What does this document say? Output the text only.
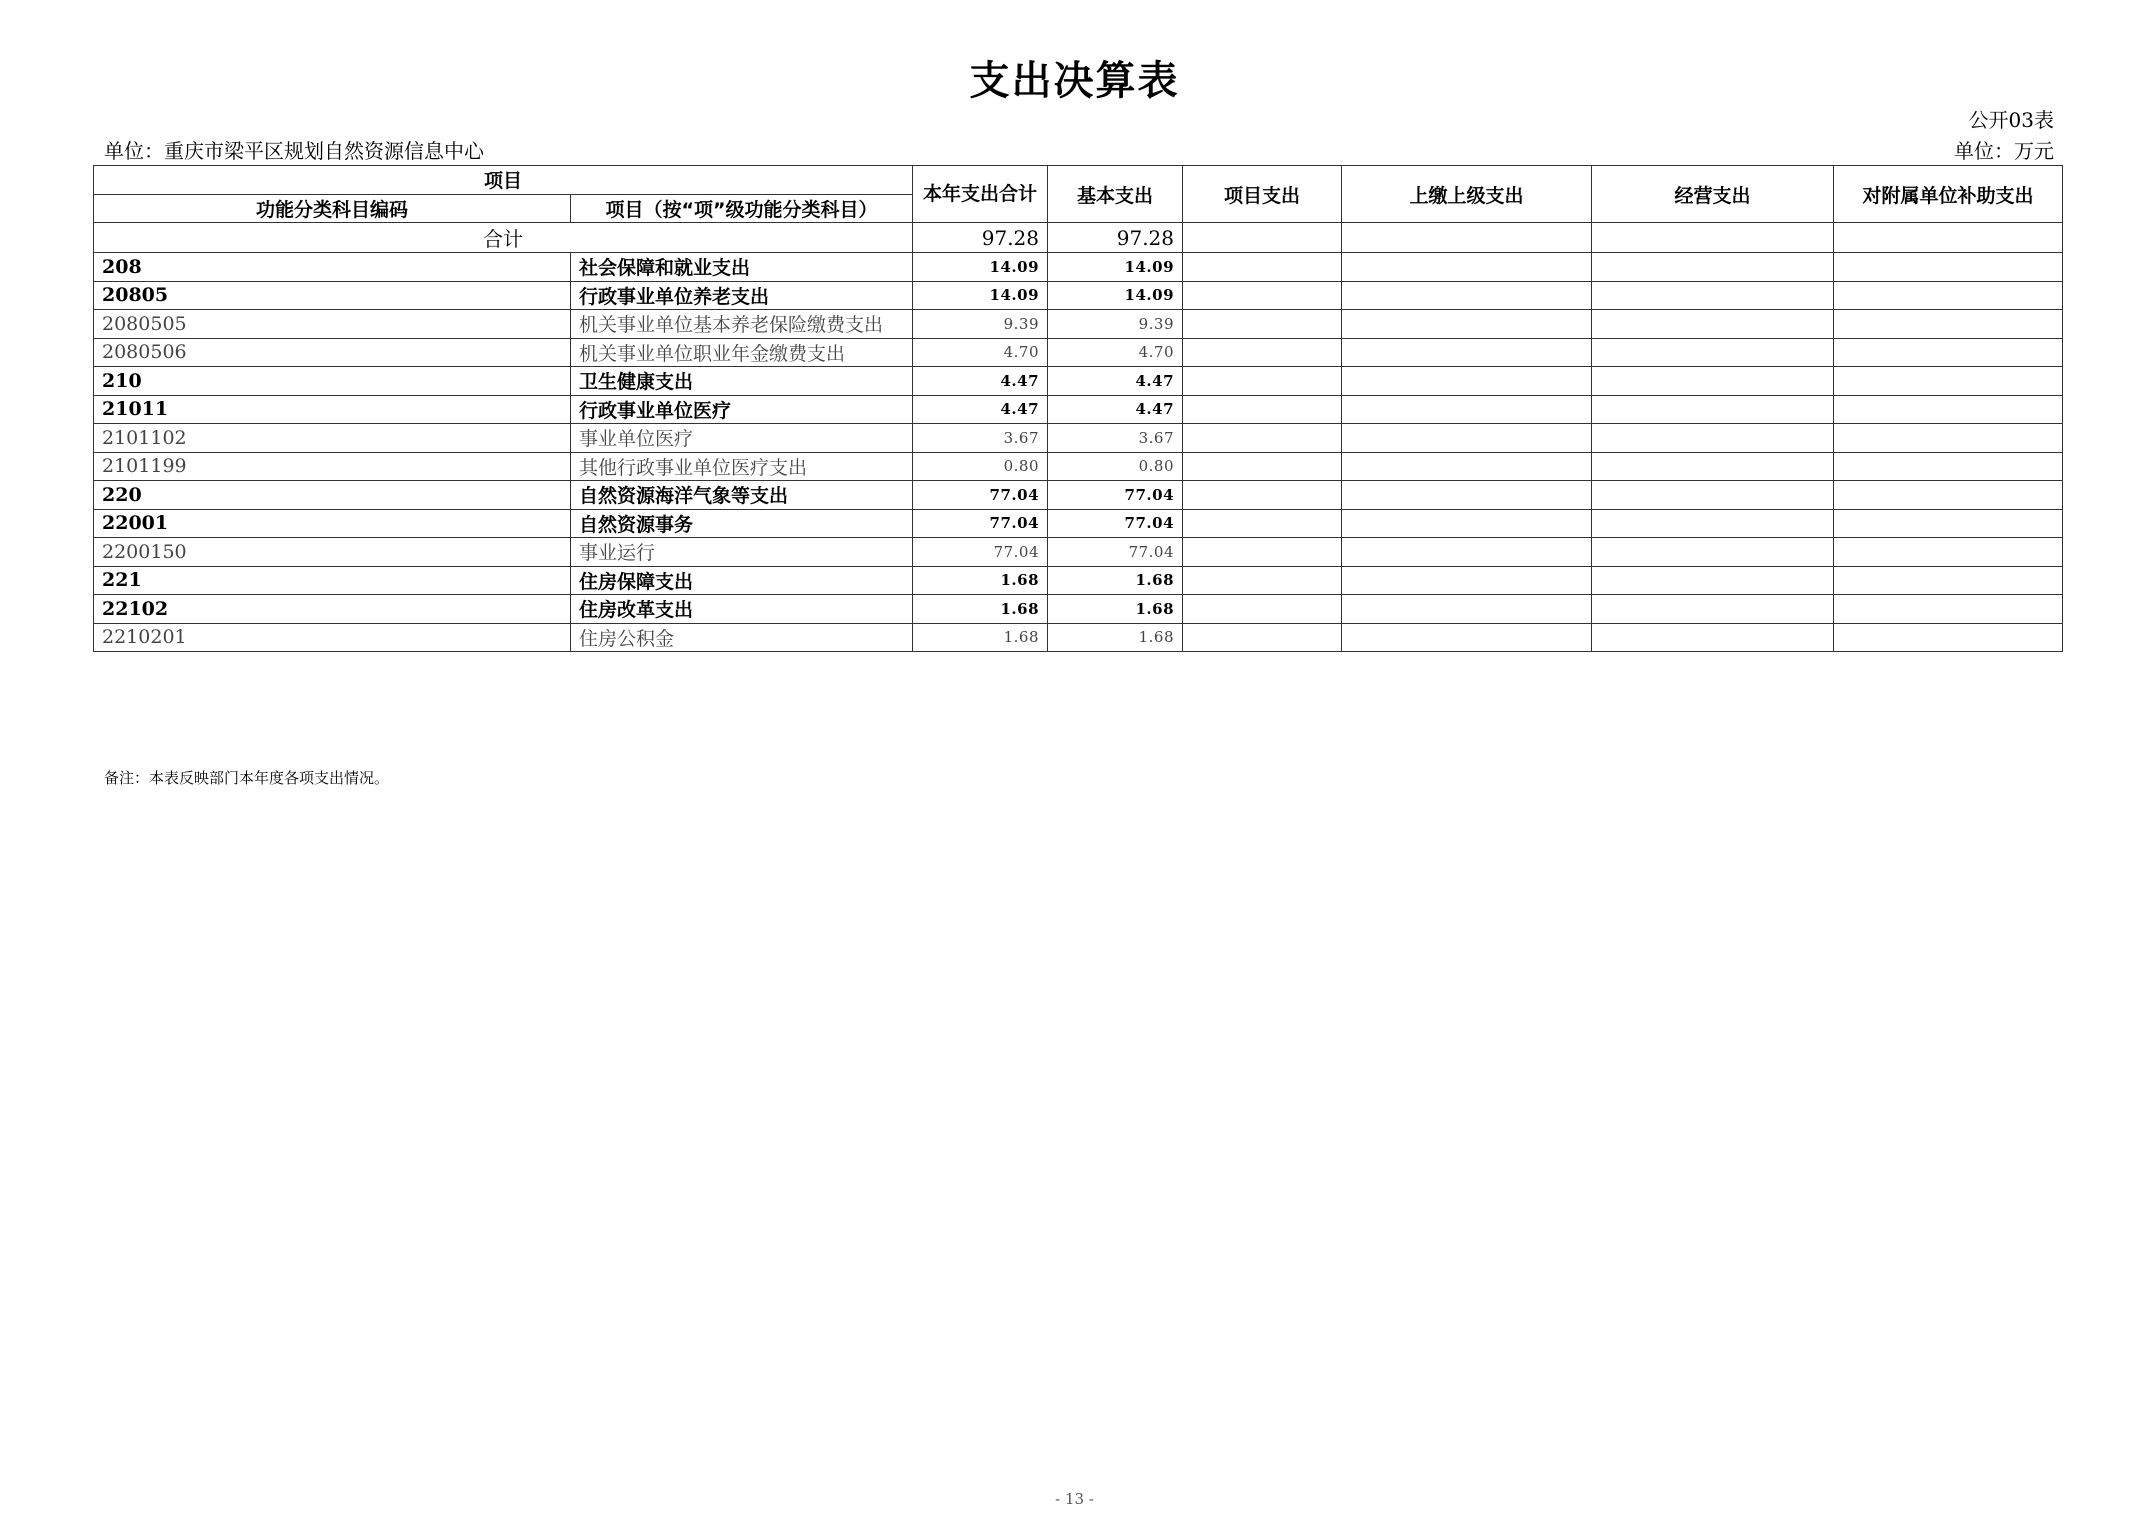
支出决算表
公开03表
单位：重庆市梁平区规划自然资源信息中心	单位：万元
项目		本年支出合计	基本支出	项目支出	上缴上级支出	经营支出	对附属单位补助支出
功能分类科目编码	项目（按“项”级功能分类科目）						
合计		97.28	97.28				
208	社会保障和就业支出	14.09	14.09				
20805	行政事业单位养老支出	14.09	14.09				
2080505	机关事业单位基本养老保险缴费支出	9.39	9.39				
2080506	机关事业单位职业年金缴费支出	4.70	4.70				
210	卫生健康支出	4.47	4.47				
21011	行政事业单位医疗	4.47	4.47				
2101102	事业单位医疗	3.67	3.67				
2101199	其他行政事业单位医疗支出	0.80	0.80				
220	自然资源海洋气象等支出	77.04	77.04				
22001	自然资源事务	77.04	77.04				
2200150	事业运行	77.04	77.04				
221	住房保障支出	1.68	1.68				
22102	住房改革支出	1.68	1.68				
2210201	住房公积金	1.68	1.68				
备注：本表反映部门本年度各项支出情况。
- 13 -
